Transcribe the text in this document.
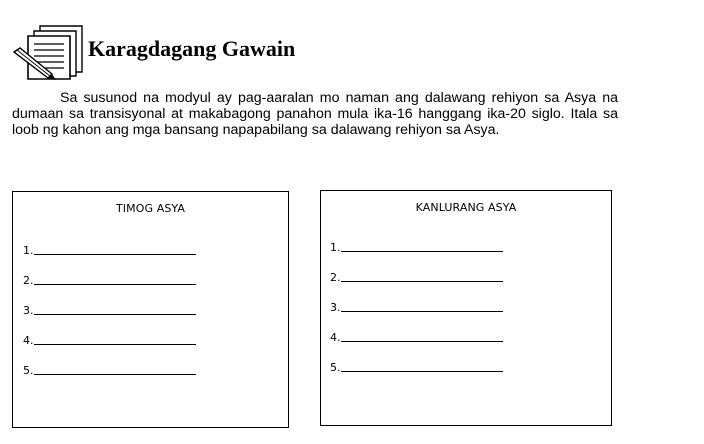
Karagdagang Gawain

Sa susunod na modyul ay pag-aaralan mo naman ang dalawang rehiyon sa Asya na dumaan sa transisyonal at makabagong panahon mula ika-16 hanggang ika-20 siglo. Itala sa loob ng kahon ang mga bansang napapabilang sa dalawang rehiyon sa Asya.

TIMOG ASYA
1.
2.
3.
4.
5.
KANLURANG ASYA
1.
2.
3.
4.
5.
